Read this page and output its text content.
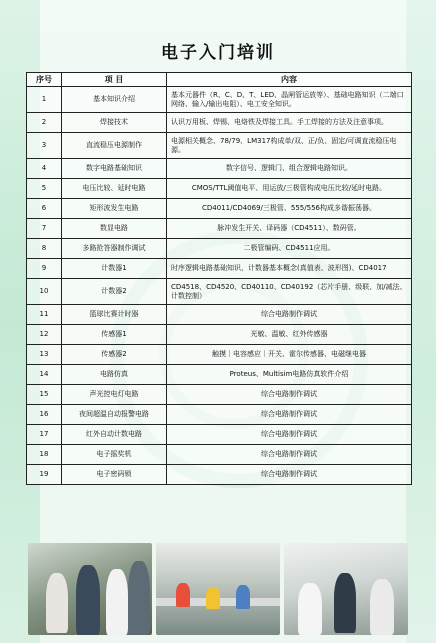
电子入门培训
序号	项 目	内容
1	基本知识介绍	基本元器件（R、C、D、T、LED、晶闸管运放等）、基础电路知识（二端口网络、输入/输出电阻）、电工安全知识。
2	焊接技术	认识万用板、焊锡、电烙铁及焊接工具。手工焊接的方法及注意事项。
3	直流稳压电源制作	电源相关概念、78/79、LM317构成单/双、正/负、固定/可调直流稳压电源。
4	数字电路基础知识	数字信号、逻辑门、组合逻辑电路知识。
5	电压比较、延时电路	CMOS/TTL阈值电平、用运放/三极管构成电压比较/延时电路。
6	矩形波发生电路	CD4011/CD4069/三极管、555/556构成多谐振荡器。
7	数显电路	脉冲发生开关、译码器（CD4511）、数码管。
8	多路抢答器制作调试	二极管编码、CD4511应用。
9	计数器1	时序逻辑电路基础知识、计数器基本概念(真值表、波形图)、CD4017
10	计数器2	CD4518、CD4520、CD40110、CD40192（芯片手册、级联、加/减法、计数控制）
11	篮球比赛计时器	综合电路制作调试
12	传感器1	光敏、温敏、红外传感器
13	传感器2	触摸｜电容感应｜开关、霍尔传感器、电磁继电器
14	电路仿真	Proteus、Multisim电路仿真软件介绍
15	声光控电灯电路	综合电路制作调试
16	夜间超温自动报警电路	综合电路制作调试
17	红外自动计数电路	综合电路制作调试
18	电子摇奖机	综合电路制作调试
19	电子密码锁	综合电路制作调试
